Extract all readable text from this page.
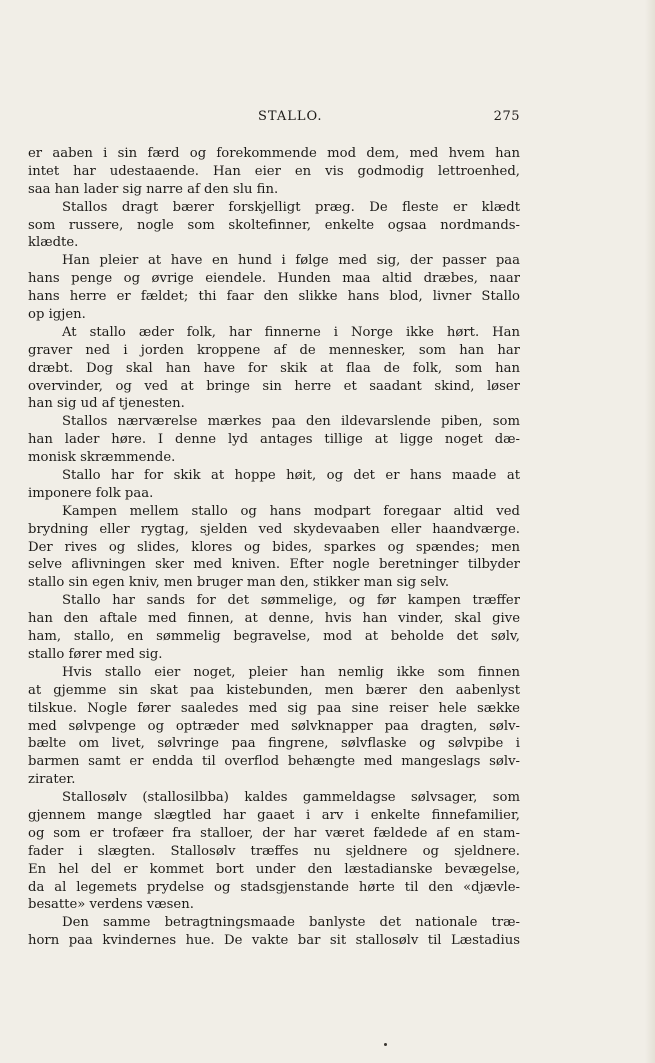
STALLO.	275
er aaben i sin færd og forekommende mod dem, med hvem han
intet har udestaaende. Han eier en vis godmodig lettroenhed,
saa han lader sig narre af den slu fin.
Stallos dragt bærer forskjelligt præg. De fleste er klædt
som russere, nogle som skoltefinner, enkelte ogsaa nordmands-
klædte.
Han pleier at have en hund i følge med sig, der passer paa
hans penge og øvrige eiendele. Hunden maa altid dræbes, naar
hans herre er fældet; thi faar den slikke hans blod, livner Stallo
op igjen.
At stallo æder folk, har finnerne i Norge ikke hørt. Han
graver ned i jorden kroppene af de mennesker, som han har
dræbt. Dog skal han have for skik at flaa de folk, som han
overvinder, og ved at bringe sin herre et saadant skind, løser
han sig ud af tjenesten.
Stallos nærværelse mærkes paa den ildevarslende piben, som
han lader høre. I denne lyd antages tillige at ligge noget dæ-
monisk skræmmende.
Stallo har for skik at hoppe høit, og det er hans maade at
imponere folk paa.
Kampen mellem stallo og hans modpart foregaar altid ved
brydning eller rygtag, sjelden ved skydevaaben eller haandværge.
Der rives og slides, klores og bides, sparkes og spændes; men
selve aflivningen sker med kniven. Efter nogle beretninger tilbyder
stallo sin egen kniv, men bruger man den, stikker man sig selv.
Stallo har sands for det sømmelige, og før kampen træffer
han den aftale med finnen, at denne, hvis han vinder, skal give
ham, stallo, en sømmelig begravelse, mod at beholde det sølv,
stallo fører med sig.
Hvis stallo eier noget, pleier han nemlig ikke som finnen
at gjemme sin skat paa kistebunden, men bærer den aabenlyst
tilskue. Nogle fører saaledes med sig paa sine reiser hele sække
med sølvpenge og optræder med sølvknapper paa dragten, sølv-
bælte om livet, sølvringe paa fingrene, sølvflaske og sølvpibe i
barmen samt er endda til overflod behængte med mangeslags sølv-
zirater.
Stallosølv (stallosilbba) kaldes gammeldagse sølvsager, som
gjennem mange slægtled har gaaet i arv i enkelte finnefamilier,
og som er trofæer fra stalloer, der har været fældede af en stam-
fader i slægten. Stallosølv træffes nu sjeldnere og sjeldnere.
En hel del er kommet bort under den læstadianske bevægelse,
da al legemets prydelse og stadsgjenstande hørte til den «djævle-
besatte» verdens væsen.
Den samme betragtningsmaade banlyste det nationale træ-
horn paa kvindernes hue. De vakte bar sit stallosølv til Læstadius
